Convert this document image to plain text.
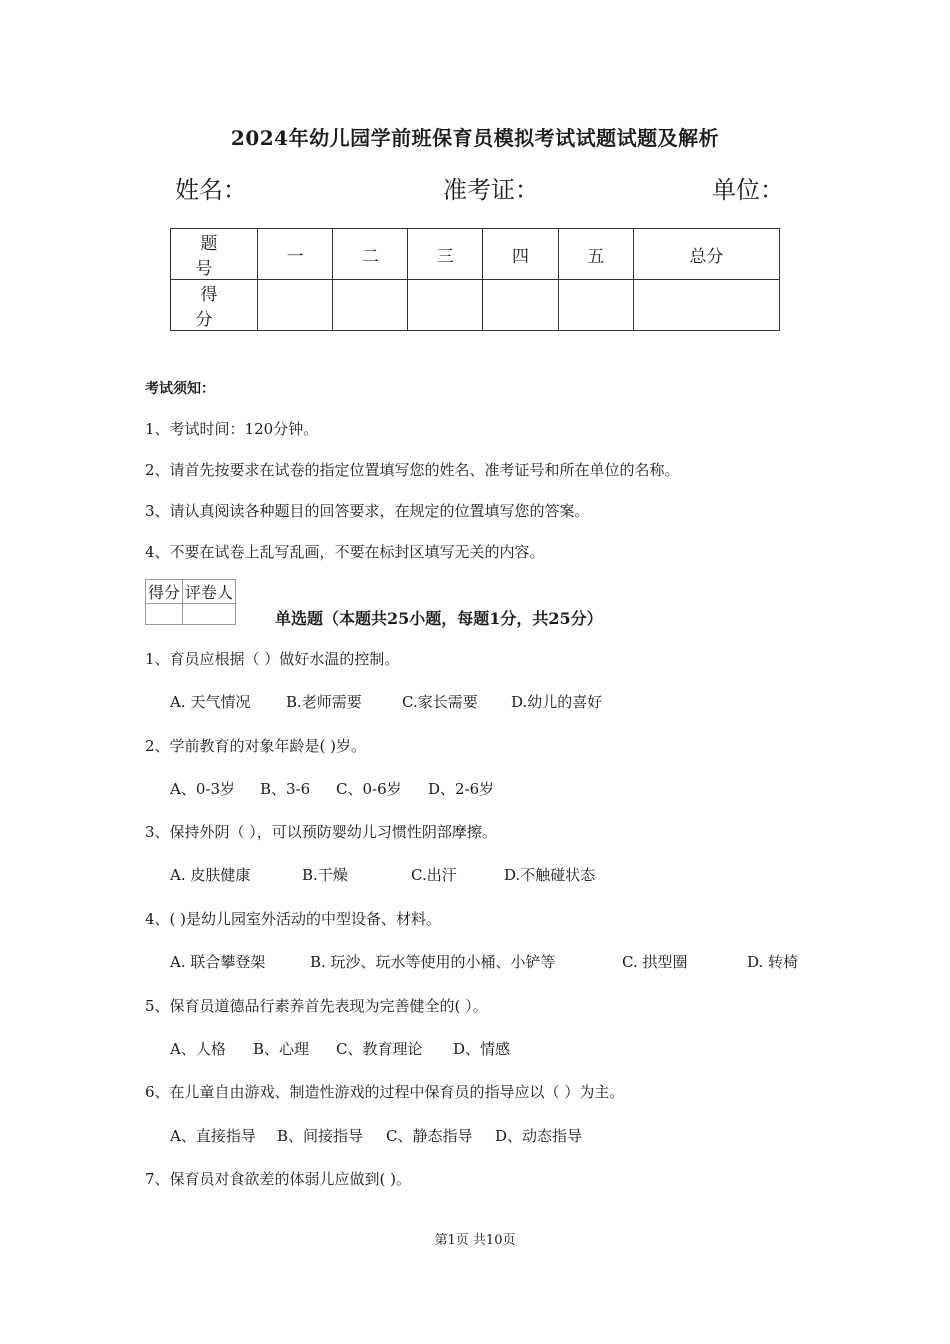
2024年幼儿园学前班保育员模拟考试试题试题及解析
姓名：	准考证：	单位：
题 号	一	二	三	四	五	总分
得 分						
考试须知：
1、考试时间：120分钟。
2、请首先按要求在试卷的指定位置填写您的姓名、准考证号和所在单位的名称。
3、请认真阅读各种题目的回答要求，在规定的位置填写您的答案。
4、不要在试卷上乱写乱画，不要在标封区填写无关的内容。
得分	评卷人

单选题（本题共25小题，每题1分，共25分）
1、育员应根据（ ）做好水温的控制。
A. 天气情况 B.老师需要	C.家长需要 D.幼儿的喜好
2、学前教育的对象年龄是( )岁。
A、0-3岁 B、3-6 C、0-6岁 D、2-6岁
3、保持外阴（ ），可以预防婴幼儿习惯性阴部摩擦。
A. 皮肤健康	B.干燥	C.出汗	D.不触碰状态
4、( )是幼儿园室外活动的中型设备、材料。
A. 联合攀登架	B. 玩沙、玩水等使用的小桶、小铲等	C. 拱型圈	D. 转椅
5、保育员道德品行素养首先表现为完善健全的( ）。
A、人格 B、心理 C、教育理论 D、情感
6、在儿童自由游戏、制造性游戏的过程中保育员的指导应以（ ）为主。
A、直接指导 B、间接指导 C、静态指导 D、动态指导
7、保育员对食欲差的体弱儿应做到( )。
第1页 共10页
